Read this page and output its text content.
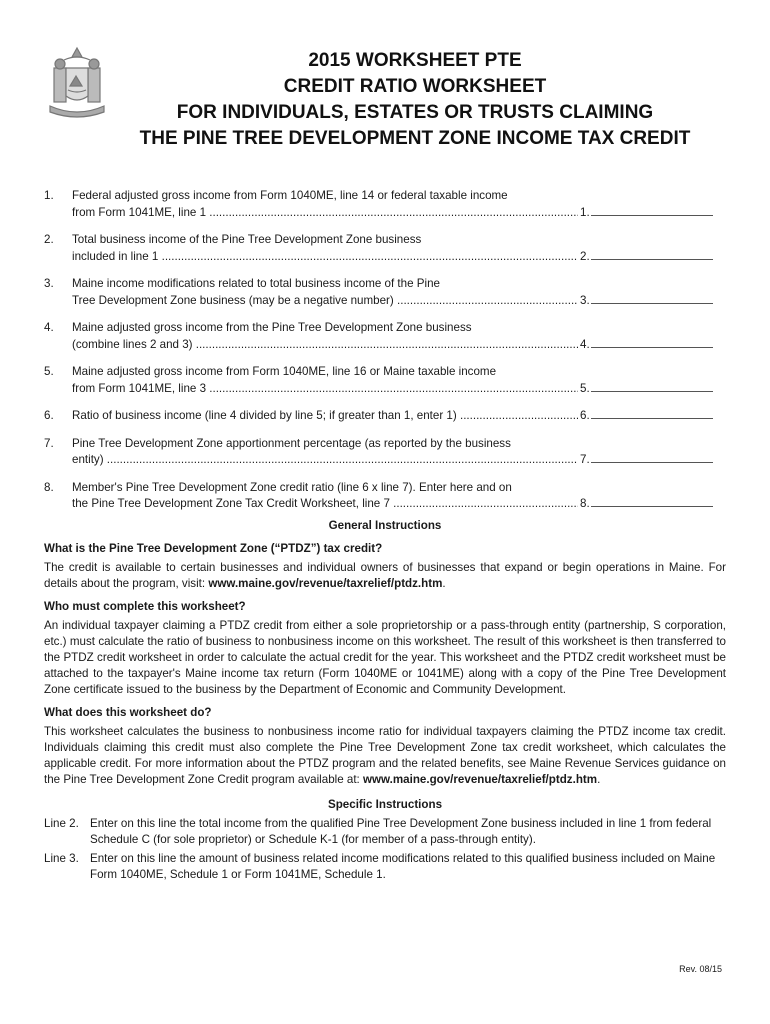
2015 WORKSHEET PTE
CREDIT RATIO WORKSHEET
FOR INDIVIDUALS, ESTATES OR TRUSTS CLAIMING
THE PINE TREE DEVELOPMENT ZONE INCOME TAX CREDIT
1. Federal adjusted gross income from Form 1040ME, line 14 or federal taxable income
from Form 1041ME, line 1 .....	1.
2. Total business income of the Pine Tree Development Zone business
included in line 1 .....	2.
3. Maine income modifications related to total business income of the Pine
Tree Development Zone business (may be a negative number) .....	3.
4. Maine adjusted gross income from the Pine Tree Development Zone business
(combine lines 2 and 3) .....	4.
5. Maine adjusted gross income from Form 1040ME, line 16 or Maine taxable income
from Form 1041ME, line 3 .....	5.
6. Ratio of business income (line 4 divided by line 5; if greater than 1, enter 1) .....	6.
7. Pine Tree Development Zone apportionment percentage (as reported by the business
entity) .....	7.
8. Member's Pine Tree Development Zone credit ratio (line 6 x line 7). Enter here and on
the Pine Tree Development Zone Tax Credit Worksheet, line 7 .....	8.
General Instructions
What is the Pine Tree Development Zone (“PTDZ”) tax credit?

The credit is available to certain businesses and individual owners of businesses that expand or begin operations in Maine. For details about the program, visit: www.maine.gov/revenue/taxrelief/ptdz.htm.

Who must complete this worksheet?

An individual taxpayer claiming a PTDZ credit from either a sole proprietorship or a pass-through entity (partnership, S corporation, etc.) must calculate the ratio of business to nonbusiness income on this worksheet. The result of this worksheet is then transferred to the PTDZ credit worksheet in order to calculate the actual credit for the year. This worksheet and the PTDZ credit worksheet must be attached to the taxpayer's Maine income tax return (Form 1040ME or 1041ME) along with a copy of the Pine Tree Development Zone certificate issued to the business by the Department of Economic and Community Development.

What does this worksheet do?

This worksheet calculates the business to nonbusiness income ratio for individual taxpayers claiming the PTDZ income tax credit. Individuals claiming this credit must also complete the Pine Tree Development Zone tax credit worksheet, which calculates the applicable credit. For more information about the PTDZ program and the related benefits, see Maine Revenue Services guidance on the Pine Tree Development Zone Credit program available at: www.maine.gov/revenue/taxrelief/ptdz.htm.

Specific Instructions
Line 2. Enter on this line the total income from the qualified Pine Tree Development Zone business included in line 1 from federal Schedule C (for sole proprietor) or Schedule K-1 (for member of a pass-through entity).
Line 3. Enter on this line the amount of business related income modifications related to this qualified business included on Maine Form 1040ME, Schedule 1 or Form 1041ME, Schedule 1.
Rev. 08/15
